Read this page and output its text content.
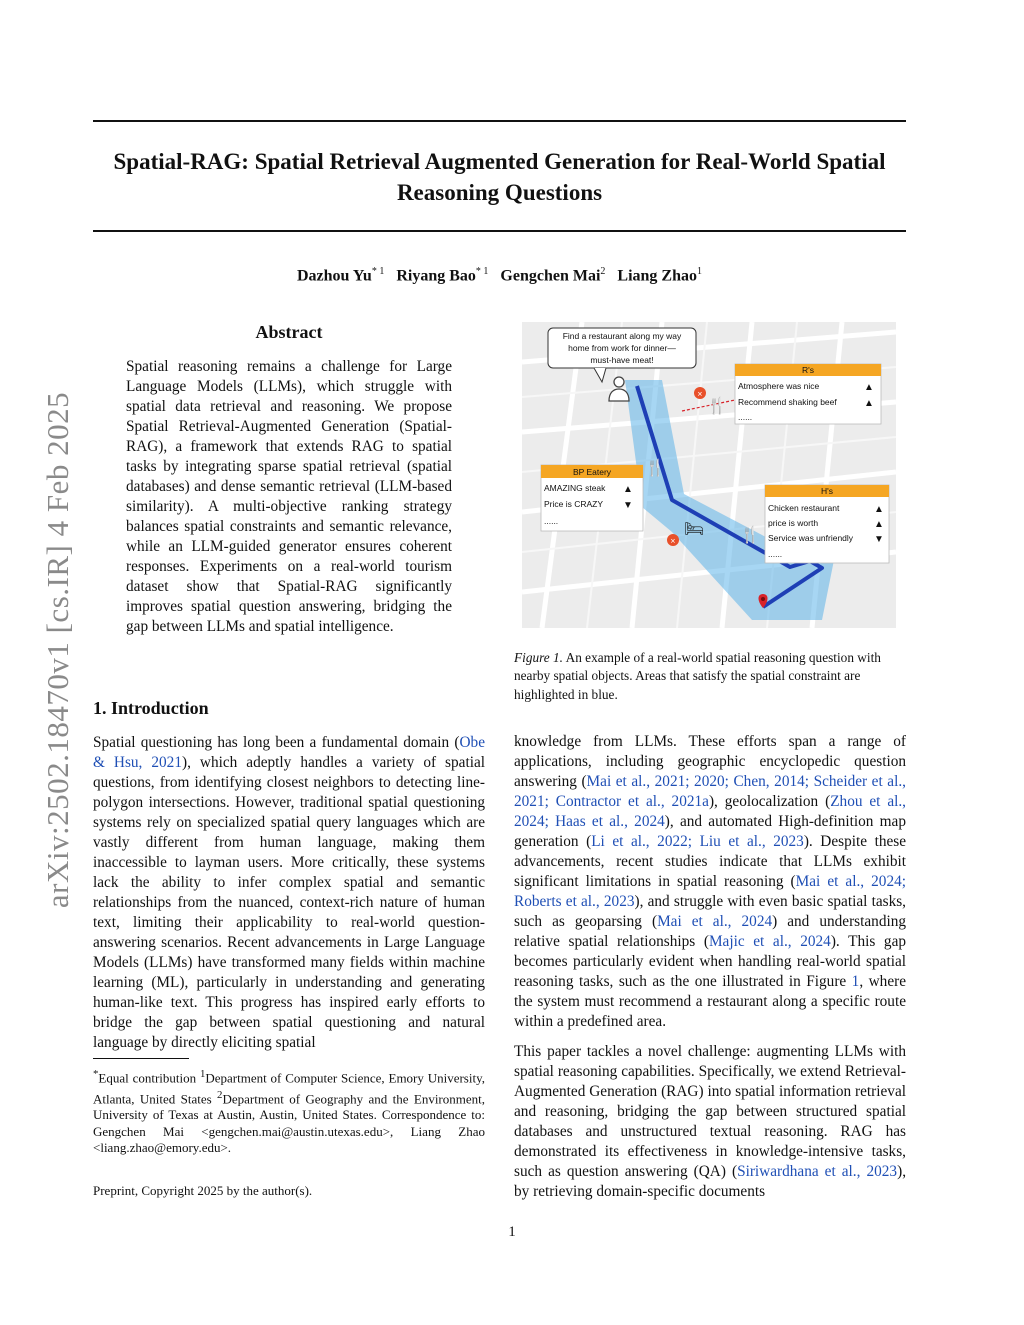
arXiv:2502.18470v1 [cs.IR] 4 Feb 2025
Spatial-RAG: Spatial Retrieval Augmented Generation for Real-World Spatial
Reasoning Questions
Dazhou Yu$^{* 1}$ Riyang Bao$^{* 1}$ Gengchen Mai$^2$ Liang Zhao$^1$
Abstract
Spatial reasoning remains a challenge for Large Language Models (LLMs), which struggle with spatial data retrieval and reasoning. We propose Spatial Retrieval-Augmented Generation (Spatial-RAG), a framework that extends RAG to spatial tasks by integrating sparse spatial retrieval (spatial databases) and dense semantic retrieval (LLM-based similarity). A multi-objective ranking strategy balances spatial constraints and semantic relevance, while an LLM-guided generator ensures coherent responses. Experiments on a real-world tourism dataset show that Spatial-RAG significantly improves spatial question answering, bridging the gap between LLMs and spatial intelligence.
1. Introduction
Spatial questioning has long been a fundamental domain (Obe & Hsu, 2021), which adeptly handles a variety of spatial questions, from identifying closest neighbors to detecting line-polygon intersections. However, traditional spatial questioning systems rely on specialized spatial query languages which are vastly different from human language, making them inaccessible to layman users. More critically, these systems lack the ability to infer complex spatial and semantic relationships from the nuanced, context-rich nature of human text, limiting their applicability to real-world question-answering scenarios. Recent advancements in Large Language Models (LLMs) have transformed many fields within machine learning (ML), particularly in understanding and generating human-like text. This progress has inspired early efforts to bridge the gap between spatial questioning and natural language by directly eliciting spatial
knowledge from LLMs. These efforts span a range of applications, including geographic encyclopedic question answering (Mai et al., 2021; 2020; Chen, 2014; Scheider et al., 2021; Contractor et al., 2021a), geolocalization (Zhou et al., 2024; Haas et al., 2024), and automated High-definition map generation (Li et al., 2022; Liu et al., 2023). Despite these advancements, recent studies indicate that LLMs exhibit significant limitations in spatial reasoning (Mai et al., 2024; Roberts et al., 2023), and struggle with even basic spatial tasks, such as geoparsing (Mai et al., 2024) and understanding relative spatial relationships (Majic et al., 2024). This gap becomes particularly evident when handling real-world spatial reasoning tasks, such as the one illustrated in Figure 1, where the system must recommend a restaurant along a specific route within a predefined area.
This paper tackles a novel challenge: augmenting LLMs with spatial reasoning capabilities. Specifically, we extend Retrieval-Augmented Generation (RAG) into spatial information retrieval and reasoning, bridging the gap between structured spatial databases and unstructured textual reasoning. RAG has demonstrated its effectiveness in knowledge-intensive tasks, such as question answering (QA) (Siriwardhana et al., 2023), by retrieving domain-specific documents
*Equal contribution $^1$Department of Computer Science, Emory University, Atlanta, United States $^2$Department of Geography and the Environment, University of Texas at Austin, Austin, United States. Correspondence to: Gengchen Mai <gengchen.mai@austin.utexas.edu>, Liang Zhao <liang.zhao@emory.edu>.
Preprint, Copyright 2025 by the author(s).
1
Find a restaurant along my way
home from work for dinner—
must-have meat!
R's
Atmosphere was nice
Recommend shaking beef
......
▲
▲
×
🍴
BP Eatery
AMAZING steak
Price is CRAZY
......
▲
▼
🍴
H's
Chicken restaurant
price is worth
Service was unfriendly
......
▲
▲
▼
🍴
🛏
×
Figure 1. An example of a real-world spatial reasoning question with nearby spatial objects. Areas that satisfy the spatial constraint are highlighted in blue.
